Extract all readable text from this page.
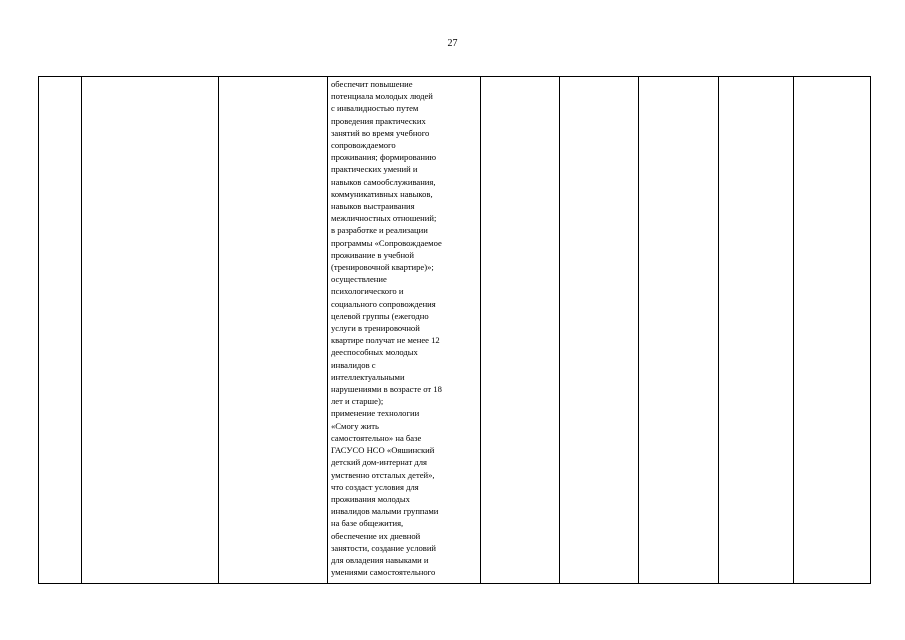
27

обеспечит повышение
потенциала молодых людей
с инвалидностью путем
проведения практических
занятий во время учебного
сопровождаемого
проживания; формированию
практических умений и
навыков самообслуживания,
коммуникативных навыков,
навыков выстраивания
межличностных отношений;
в разработке и реализации
программы «Сопровождаемое
проживание в учебной
(тренировочной квартире)»;
осуществление
психологического и
социального сопровождения
целевой группы (ежегодно
услуги в тренировочной
квартире получат не менее 12
дееспособных молодых
инвалидов с
интеллектуальными
нарушениями в возрасте от 18
лет и старше);
применение технологии
«Смогу жить
самостоятельно» на базе
ГАСУСО НСО «Ояшинский
детский дом-интернат для
умственно отсталых детей»,
что создаст условия для
проживания молодых
инвалидов малыми группами
на базе общежития,
обеспечение их дневной
занятости, создание условий
для овладения навыками и
умениями самостоятельного
